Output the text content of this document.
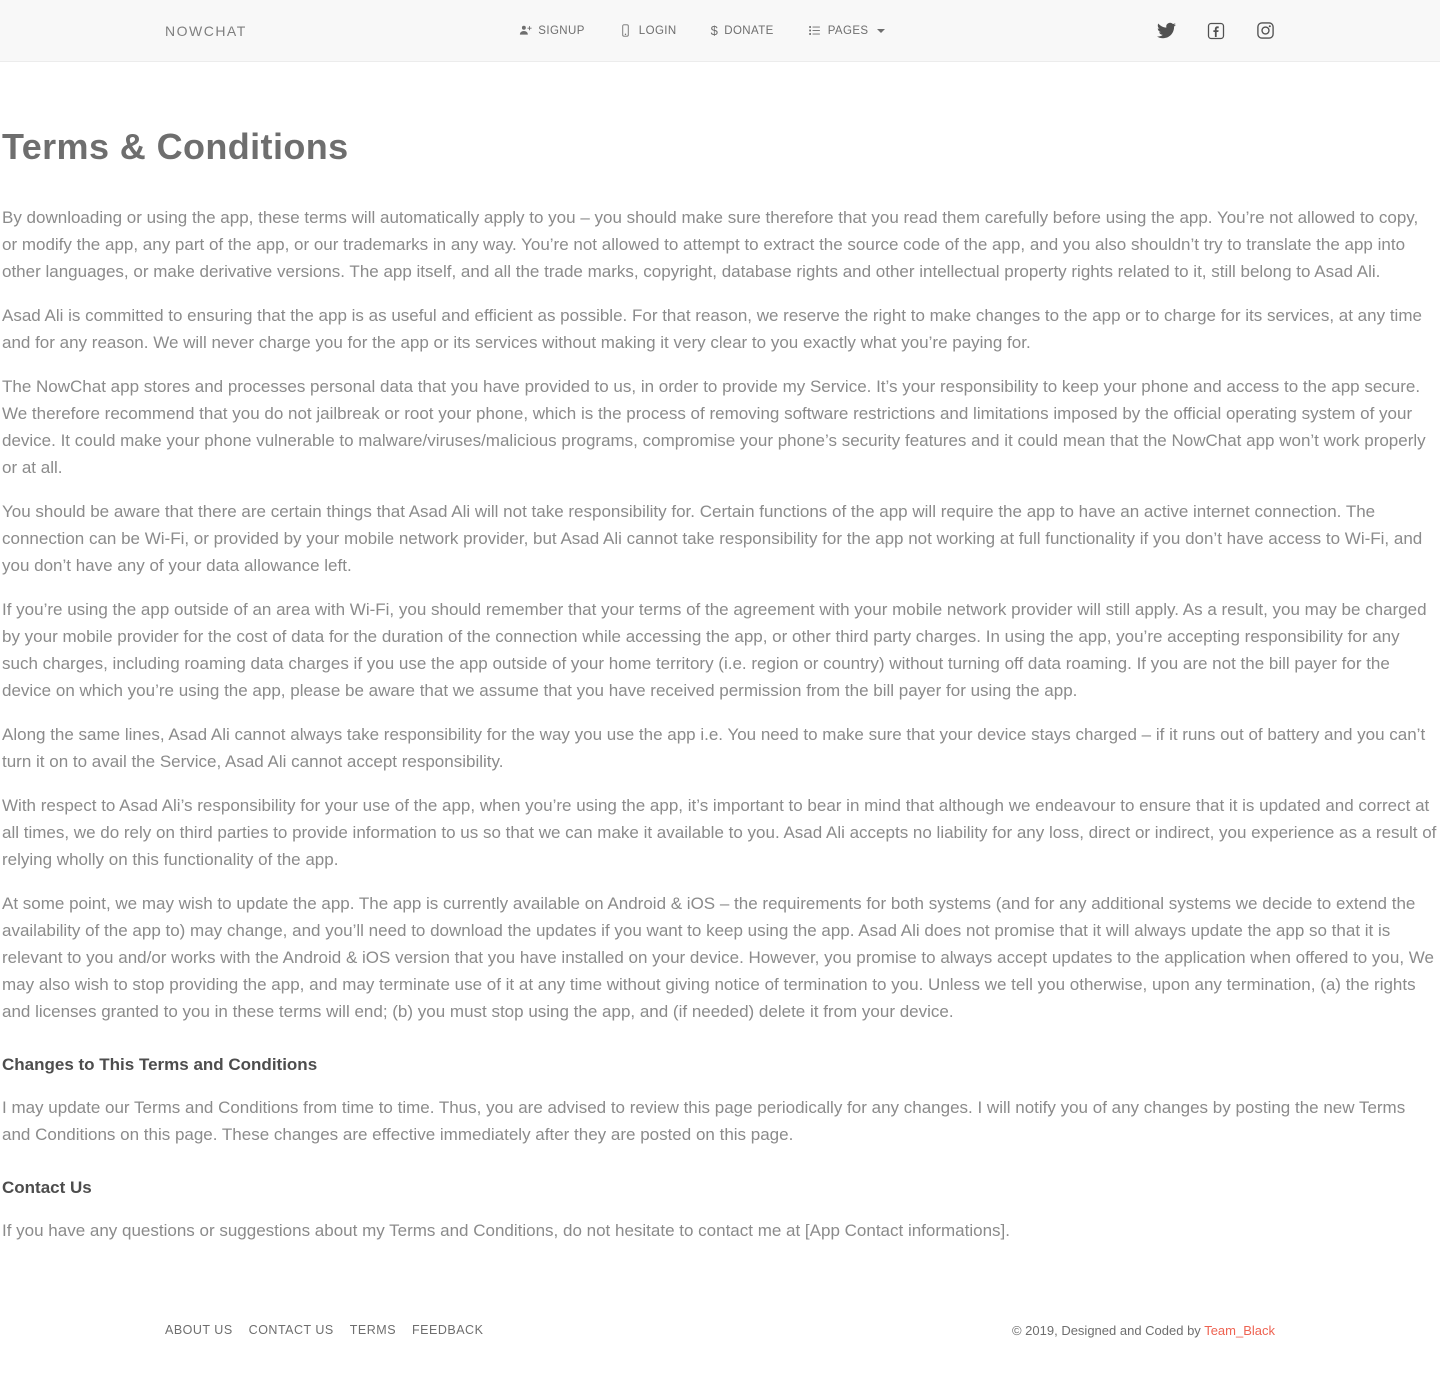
NOWCHAT	SIGNUP	LOGIN	$ DONATE	PAGES
Terms & Conditions

By downloading or using the app, these terms will automatically apply to you – you should make sure therefore that you read them carefully before using the app. You’re not allowed to copy, or modify the app, any part of the app, or our trademarks in any way. You’re not allowed to attempt to extract the source code of the app, and you also shouldn’t try to translate the app into other languages, or make derivative versions. The app itself, and all the trade marks, copyright, database rights and other intellectual property rights related to it, still belong to Asad Ali.

Asad Ali is committed to ensuring that the app is as useful and efficient as possible. For that reason, we reserve the right to make changes to the app or to charge for its services, at any time and for any reason. We will never charge you for the app or its services without making it very clear to you exactly what you’re paying for.

The NowChat app stores and processes personal data that you have provided to us, in order to provide my Service. It’s your responsibility to keep your phone and access to the app secure. We therefore recommend that you do not jailbreak or root your phone, which is the process of removing software restrictions and limitations imposed by the official operating system of your device. It could make your phone vulnerable to malware/viruses/malicious programs, compromise your phone’s security features and it could mean that the NowChat app won’t work properly or at all.

You should be aware that there are certain things that Asad Ali will not take responsibility for. Certain functions of the app will require the app to have an active internet connection. The connection can be Wi-Fi, or provided by your mobile network provider, but Asad Ali cannot take responsibility for the app not working at full functionality if you don’t have access to Wi-Fi, and you don’t have any of your data allowance left.

If you’re using the app outside of an area with Wi-Fi, you should remember that your terms of the agreement with your mobile network provider will still apply. As a result, you may be charged by your mobile provider for the cost of data for the duration of the connection while accessing the app, or other third party charges. In using the app, you’re accepting responsibility for any such charges, including roaming data charges if you use the app outside of your home territory (i.e. region or country) without turning off data roaming. If you are not the bill payer for the device on which you’re using the app, please be aware that we assume that you have received permission from the bill payer for using the app.

Along the same lines, Asad Ali cannot always take responsibility for the way you use the app i.e. You need to make sure that your device stays charged – if it runs out of battery and you can’t turn it on to avail the Service, Asad Ali cannot accept responsibility.

With respect to Asad Ali’s responsibility for your use of the app, when you’re using the app, it’s important to bear in mind that although we endeavour to ensure that it is updated and correct at all times, we do rely on third parties to provide information to us so that we can make it available to you. Asad Ali accepts no liability for any loss, direct or indirect, you experience as a result of relying wholly on this functionality of the app.

At some point, we may wish to update the app. The app is currently available on Android & iOS – the requirements for both systems (and for any additional systems we decide to extend the availability of the app to) may change, and you’ll need to download the updates if you want to keep using the app. Asad Ali does not promise that it will always update the app so that it is relevant to you and/or works with the Android & iOS version that you have installed on your device. However, you promise to always accept updates to the application when offered to you, We may also wish to stop providing the app, and may terminate use of it at any time without giving notice of termination to you. Unless we tell you otherwise, upon any termination, (a) the rights and licenses granted to you in these terms will end; (b) you must stop using the app, and (if needed) delete it from your device.

Changes to This Terms and Conditions

I may update our Terms and Conditions from time to time. Thus, you are advised to review this page periodically for any changes. I will notify you of any changes by posting the new Terms and Conditions on this page. These changes are effective immediately after they are posted on this page.

Contact Us

If you have any questions or suggestions about my Terms and Conditions, do not hesitate to contact me at [App Contact informations].

ABOUT US CONTACT US TERMS FEEDBACK	© 2019, Designed and Coded by Team_Black
